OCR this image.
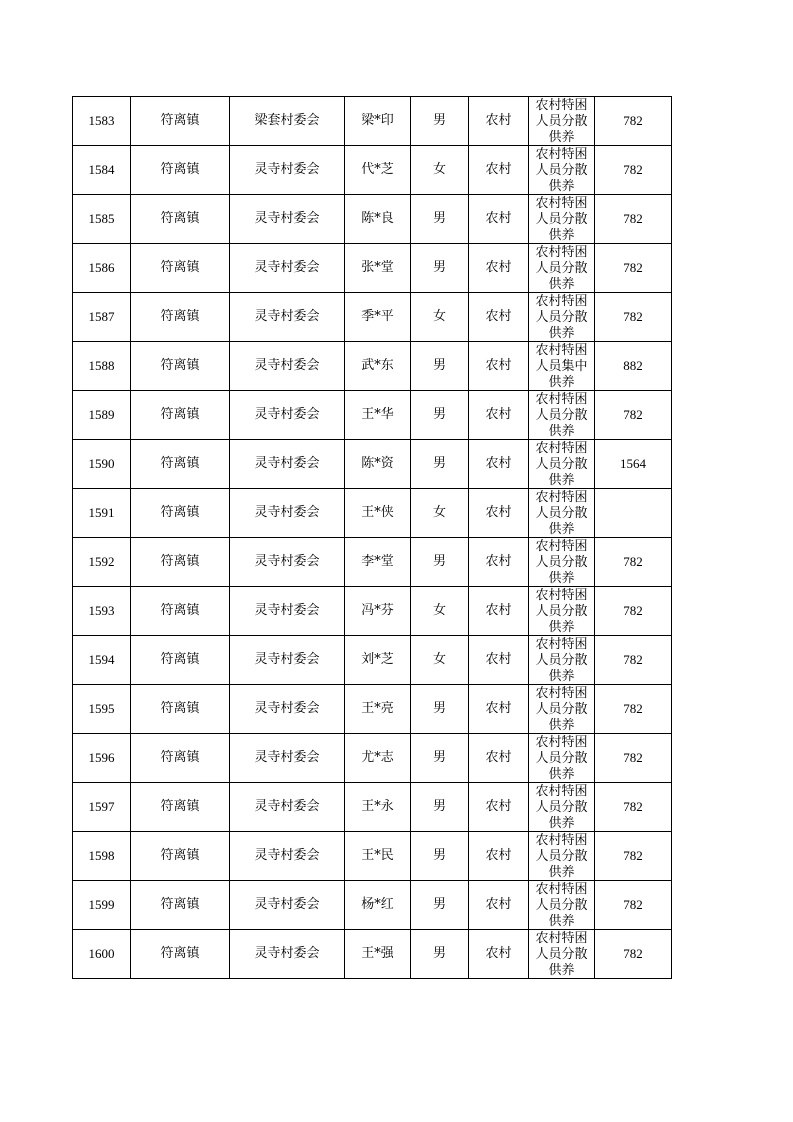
1583	符离镇	梁套村委会	梁*印	男	农村	农村特困
人员分散
供养	782
1584	符离镇	灵寺村委会	代*芝	女	农村	农村特困
人员分散
供养	782
1585	符离镇	灵寺村委会	陈*良	男	农村	农村特困
人员分散
供养	782
1586	符离镇	灵寺村委会	张*堂	男	农村	农村特困
人员分散
供养	782
1587	符离镇	灵寺村委会	季*平	女	农村	农村特困
人员分散
供养	782
1588	符离镇	灵寺村委会	武*东	男	农村	农村特困
人员集中
供养	882
1589	符离镇	灵寺村委会	王*华	男	农村	农村特困
人员分散
供养	782
1590	符离镇	灵寺村委会	陈*资	男	农村	农村特困
人员分散
供养	1564
1591	符离镇	灵寺村委会	王*侠	女	农村	农村特困
人员分散
供养	

1592	符离镇	灵寺村委会	李*堂	男	农村	农村特困
人员分散
供养	782
1593	符离镇	灵寺村委会	冯*芬	女	农村	农村特困
人员分散
供养	782
1594	符离镇	灵寺村委会	刘*芝	女	农村	农村特困
人员分散
供养	782
1595	符离镇	灵寺村委会	王*亮	男	农村	农村特困
人员分散
供养	782
1596	符离镇	灵寺村委会	尤*志	男	农村	农村特困
人员分散
供养	782
1597	符离镇	灵寺村委会	王*永	男	农村	农村特困
人员分散
供养	782
1598	符离镇	灵寺村委会	王*民	男	农村	农村特困
人员分散
供养	782
1599	符离镇	灵寺村委会	杨*红	男	农村	农村特困
人员分散
供养	782
1600	符离镇	灵寺村委会	王*强	男	农村	农村特困
人员分散
供养	782
